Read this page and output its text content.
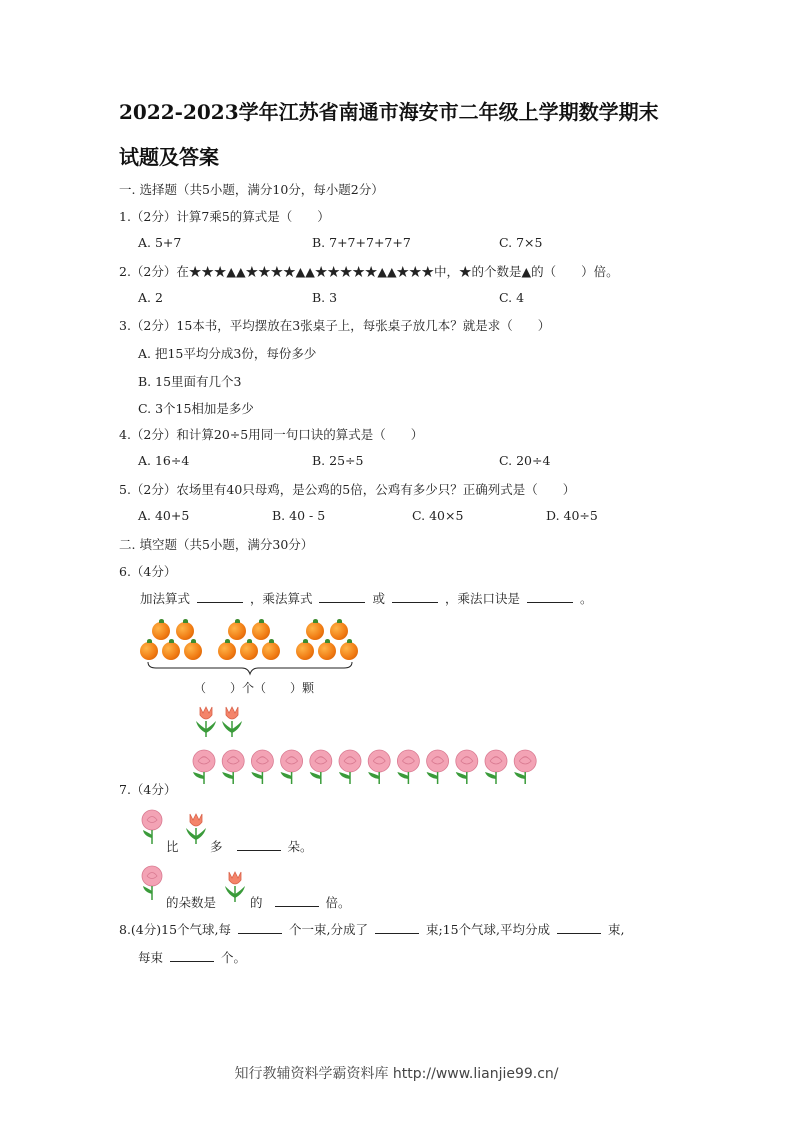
2022-2023学年江苏省南通市海安市二年级上学期数学期末
试题及答案
一. 选择题（共5小题，满分10分，每小题2分）
1.（2分）计算7乘5的算式是（　　）
A. 5+7	B. 7+7+7+7+7	C. 7×5
2.（2分）在★★★▲▲★★★★▲▲★★★★★▲▲★★★中，★的个数是▲的（　　）倍。
A. 2	B. 3	C. 4
3.（2分）15本书，平均摆放在3张桌子上，每张桌子放几本？就是求（　　）
A. 把15平均分成3份，每份多少
B. 15里面有几个3
C. 3个15相加是多少
4.（2分）和计算20÷5用同一句口诀的算式是（　　）
A. 16÷4	B. 25÷5	C. 20÷4
5.（2分）农场里有40只母鸡，是公鸡的5倍，公鸡有多少只？正确列式是（　　）
A. 40+5	B. 40 - 5	C. 40×5	D. 40÷5
二. 填空题（共5小题，满分30分）
6.（4分）
加法算式	，乘法算式	或	，乘法口诀是	。
（　　）个（　　）颗
7.（4分）
比	多	朵。
的朵数是	的	倍。
8.(4分)15个气球,每	个一束,分成了	束;15个气球,平均分成	束,
每束	个。
知行教辅资料学霸资料库 http://www.lianjie99.cn/
